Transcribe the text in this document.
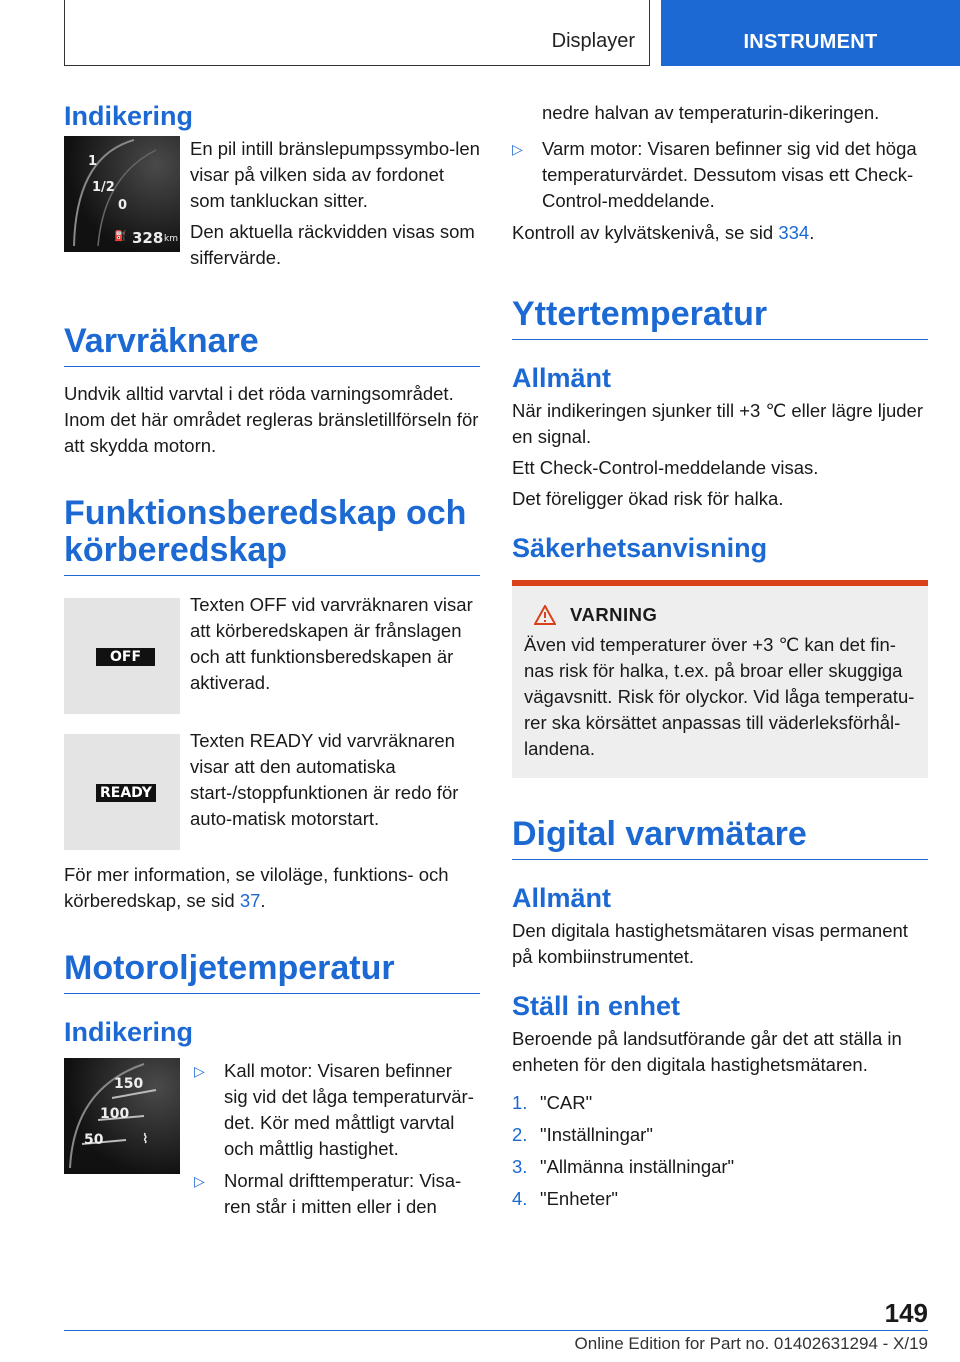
Displayer	INSTRUMENT
Indikering
1
1/2
0
⛽ 328 km

En pil intill bränslepumpssymbo-len visar på vilken sida av fordonet som tankluckan sitter.

Den aktuella räckvidden visas som siffervärde.

Varvräknare

Undvik alltid varvtal i det röda varningsområdet. Inom det här området regleras bränsletillförseln för att skydda motorn.

Funktionsberedskap och körberedskap
OFF

Texten OFF vid varvräknaren visar att körberedskapen är frånslagen och att funktionsberedskapen är aktiverad.

READY

Texten READY vid varvräknaren visar att den automatiska start-/stoppfunktionen är redo för auto-matisk motorstart.

För mer information, se viloläge, funktions- och körberedskap, se sid 37.

Motoroljetemperatur
Indikering
150
100
50	⌇
▷	Kall motor: Visaren befinner sig vid det låga temperaturvär-det. Kör med måttligt varvtal och måttlig hastighet.
▷	Normal drifttemperatur: Visa-ren står i mitten eller i den

nedre halvan av temperaturin-dikeringen.

▷	Varm motor: Visaren befinner sig vid det höga temperaturvärdet. Dessutom visas ett Check-Control-meddelande.

Kontroll av kylvätskenivå, se sid 334.

Yttertemperatur
Allmänt

När indikeringen sjunker till +3 ℃ eller lägre ljuder en signal.

Ett Check-Control-meddelande visas.

Det föreligger ökad risk för halka.

Säkerhetsanvisning
VARNING

Även vid temperaturer över +3 ℃ kan det fin-nas risk för halka, t.ex. på broar eller skuggiga vägavsnitt. Risk för olyckor. Vid låga temperatu-rer ska körsättet anpassas till väderleksförhål-landena.

Digital varvmätare
Allmänt

Den digitala hastighetsmätaren visas permanent på kombiinstrumentet.

Ställ in enhet

Beroende på landsutförande går det att ställa in enheten för den digitala hastighetsmätaren.

1. "CAR"
2. "Inställningar"
3. "Allmänna inställningar"
4. "Enheter"
149
Online Edition for Part no. 01402631294 - X/19
